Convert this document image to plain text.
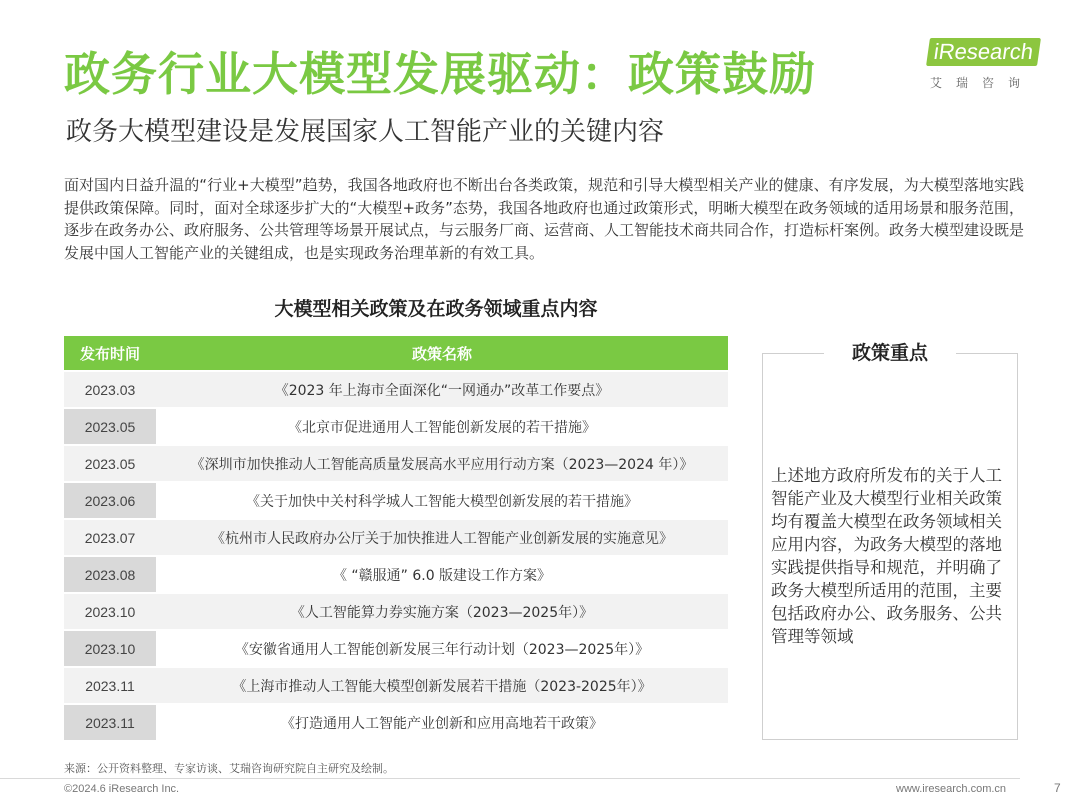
政务行业大模型发展驱动：政策鼓励
政务大模型建设是发展国家人工智能产业的关键内容
iResearch
艾瑞咨询
面对国内日益升温的“行业+大模型”趋势，我国各地政府也不断出台各类政策，规范和引导大模型相关产业的健康、有序发展，为大模型落地实践提供政策保障。同时，面对全球逐步扩大的“大模型+政务”态势，我国各地政府也通过政策形式，明晰大模型在政务领域的适用场景和服务范围，逐步在政务办公、政府服务、公共管理等场景开展试点，与云服务厂商、运营商、人工智能技术商共同合作，打造标杆案例。政务大模型建设既是发展中国人工智能产业的关键组成，也是实现政务治理革新的有效工具。
大模型相关政策及在政务领域重点内容
发布时间	政策名称
2023.03	《2023 年上海市全面深化“一网通办”改革工作要点》
2023.05	《北京市促进通用人工智能创新发展的若干措施》
2023.05	《深圳市加快推动人工智能高质量发展高水平应用行动方案（2023—2024 年）》
2023.06	《关于加快中关村科学城人工智能大模型创新发展的若干措施》
2023.07	《杭州市人民政府办公厅关于加快推进人工智能产业创新发展的实施意见》
2023.08	《 “赣服通” 6.0 版建设工作方案》
2023.10	《人工智能算力券实施方案（2023—2025年）》
2023.10	《安徽省通用人工智能创新发展三年行动计划（2023—2025年）》
2023.11	《上海市推动人工智能大模型创新发展若干措施（2023-2025年）》
2023.11	《打造通用人工智能产业创新和应用高地若干政策》
政策重点
上述地方政府所发布的关于人工智能产业及大模型行业相关政策均有覆盖大模型在政务领域相关应用内容，为政务大模型的落地实践提供指导和规范，并明确了政务大模型所适用的范围，主要包括政府办公、政务服务、公共管理等领域
来源：公开资料整理、专家访谈、艾瑞咨询研究院自主研究及绘制。
©2024.6 iResearch Inc.	www.iresearch.com.cn	7
